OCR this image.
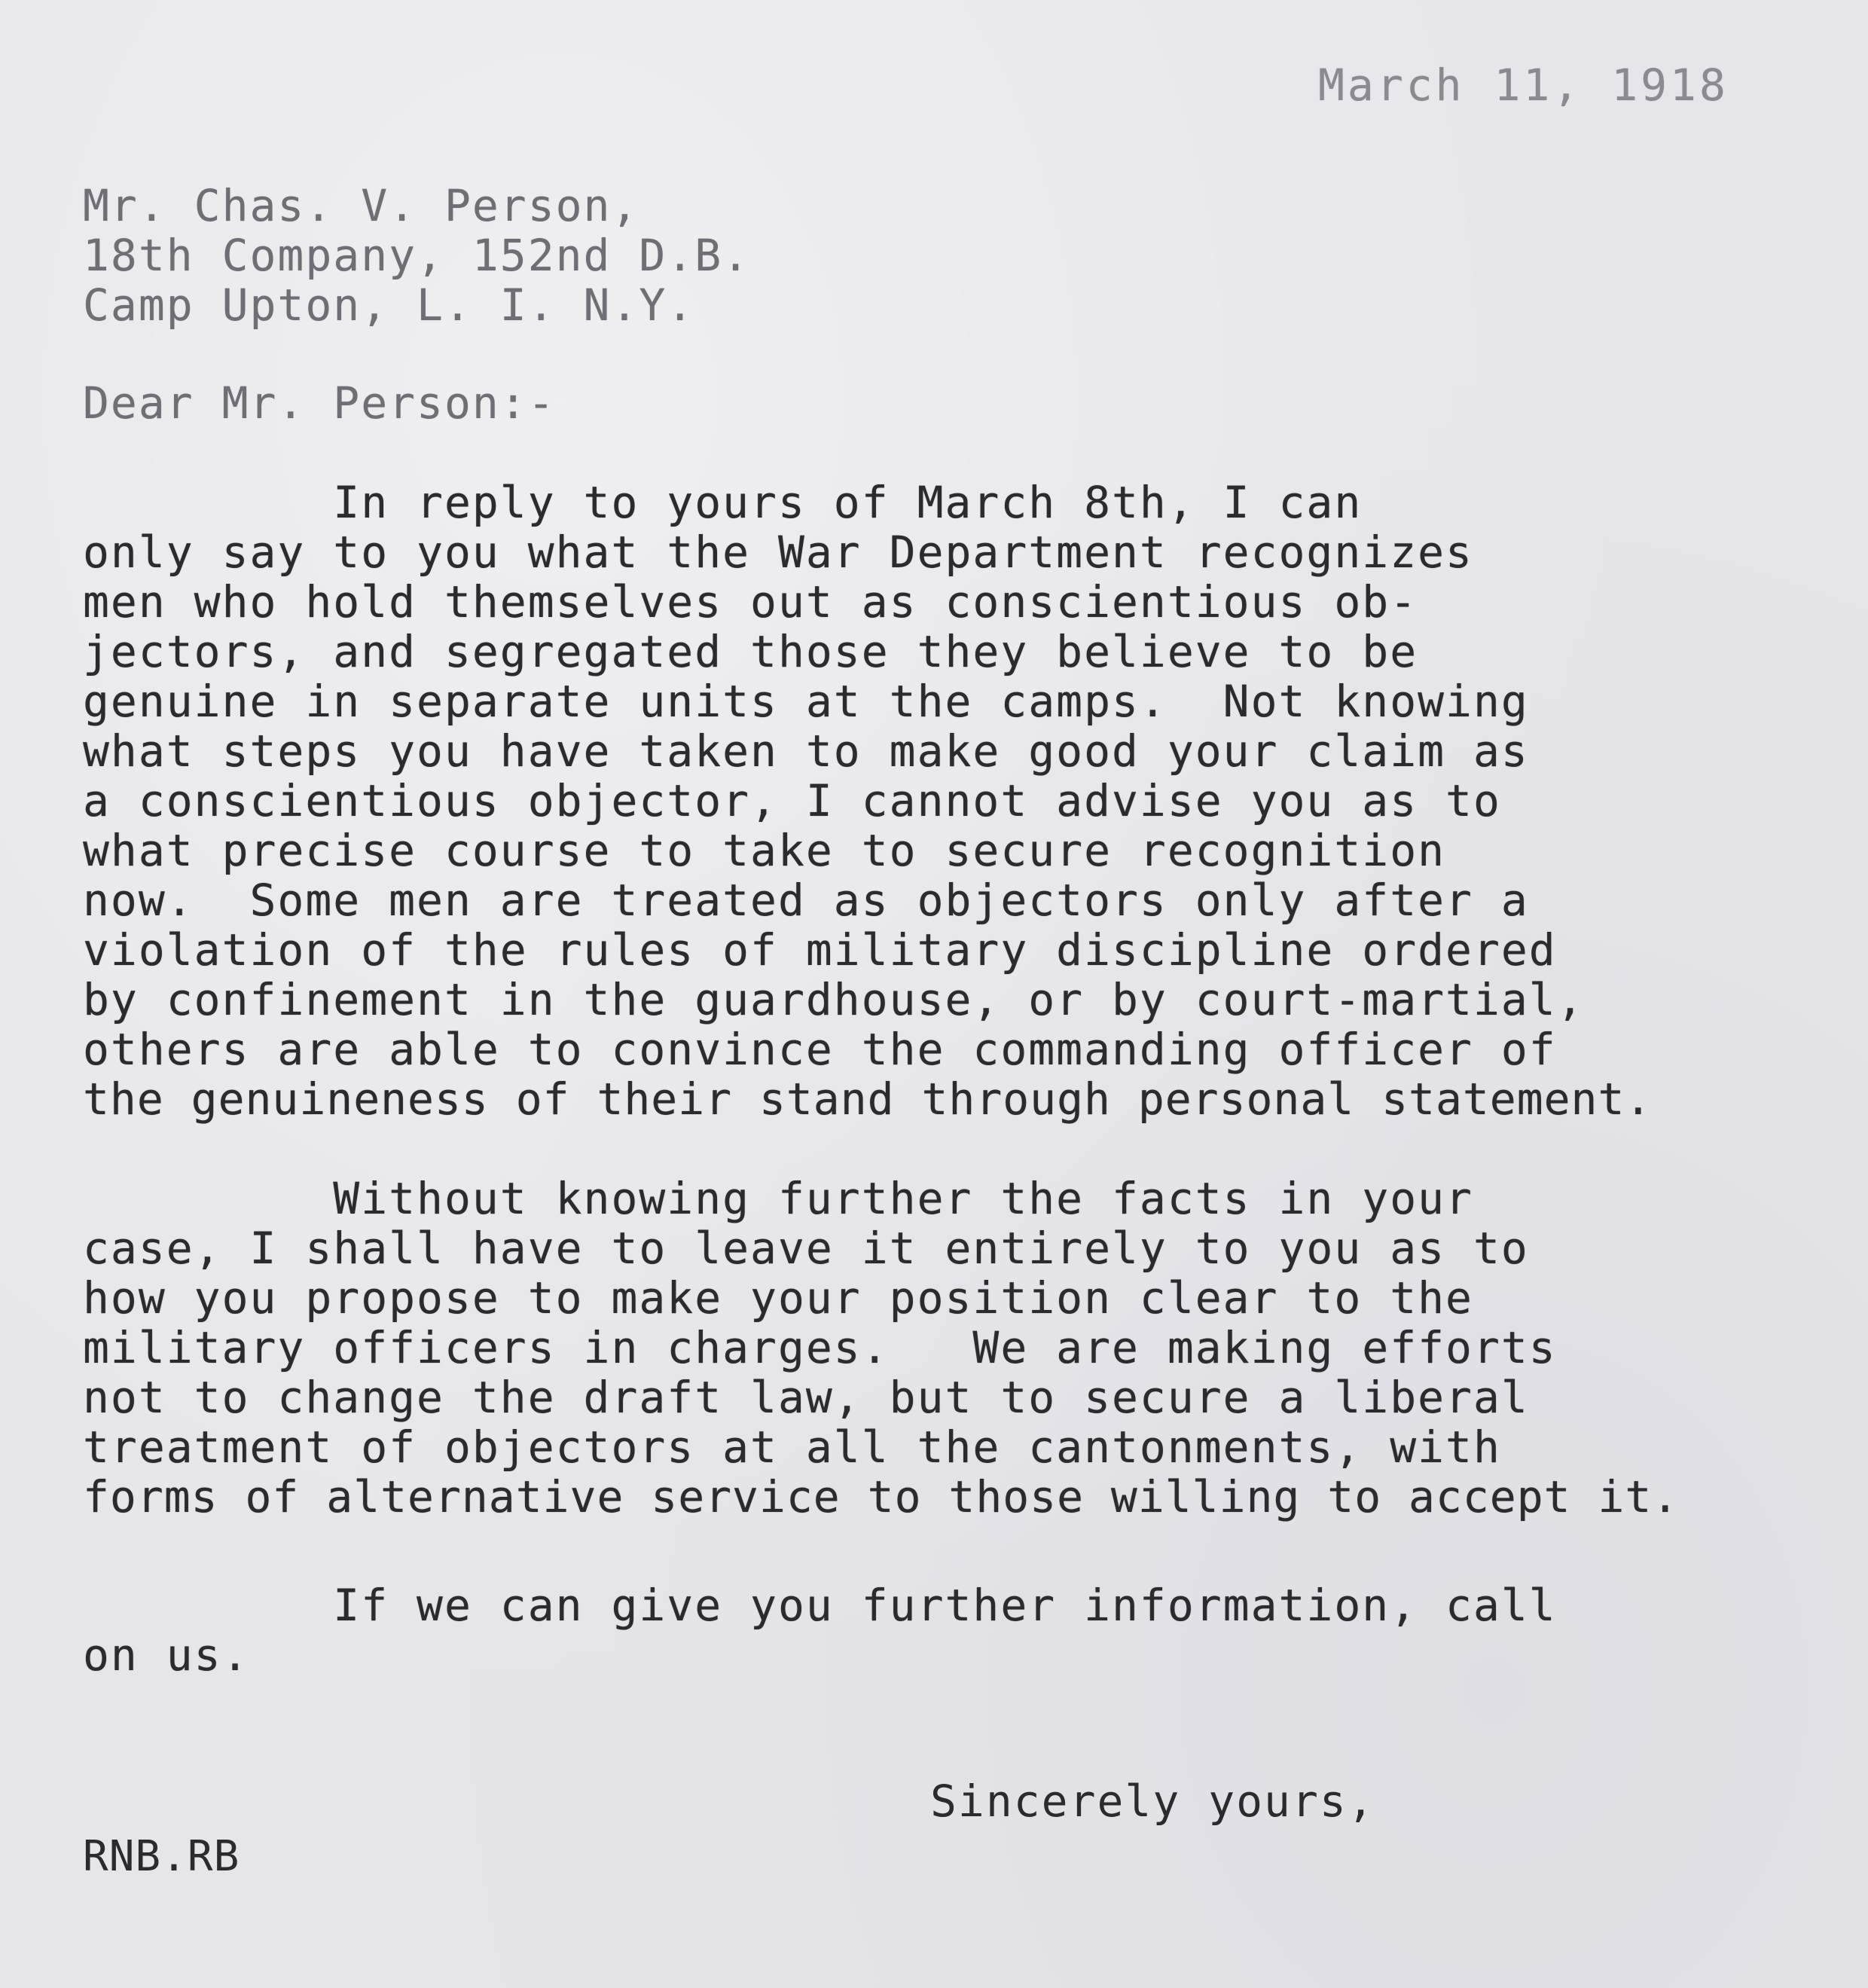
March 11, 1918
Mr. Chas. V. Person,
18th Company, 152nd D.B.
Camp Upton, L. I. N.Y.
Dear Mr. Person:-
In reply to yours of March 8th, I can
only say to you what the War Department recognizes
men who hold themselves out as conscientious ob-
jectors, and segregated those they believe to be
genuine in separate units at the camps.  Not knowing
what steps you have taken to make good your claim as
a conscientious objector, I cannot advise you as to
what precise course to take to secure recognition
now.  Some men are treated as objectors only after a
violation of the rules of military discipline ordered
by confinement in the guardhouse, or by court-martial,
others are able to convince the commanding officer of
the genuineness of their stand through personal statement.
Without knowing further the facts in your
case, I shall have to leave it entirely to you as to
how you propose to make your position clear to the
military officers in charges.   We are making efforts
not to change the draft law, but to secure a liberal
treatment of objectors at all the cantonments, with
forms of alternative service to those willing to accept it.
If we can give you further information, call
on us.
Sincerely yours,
RNB.RB
